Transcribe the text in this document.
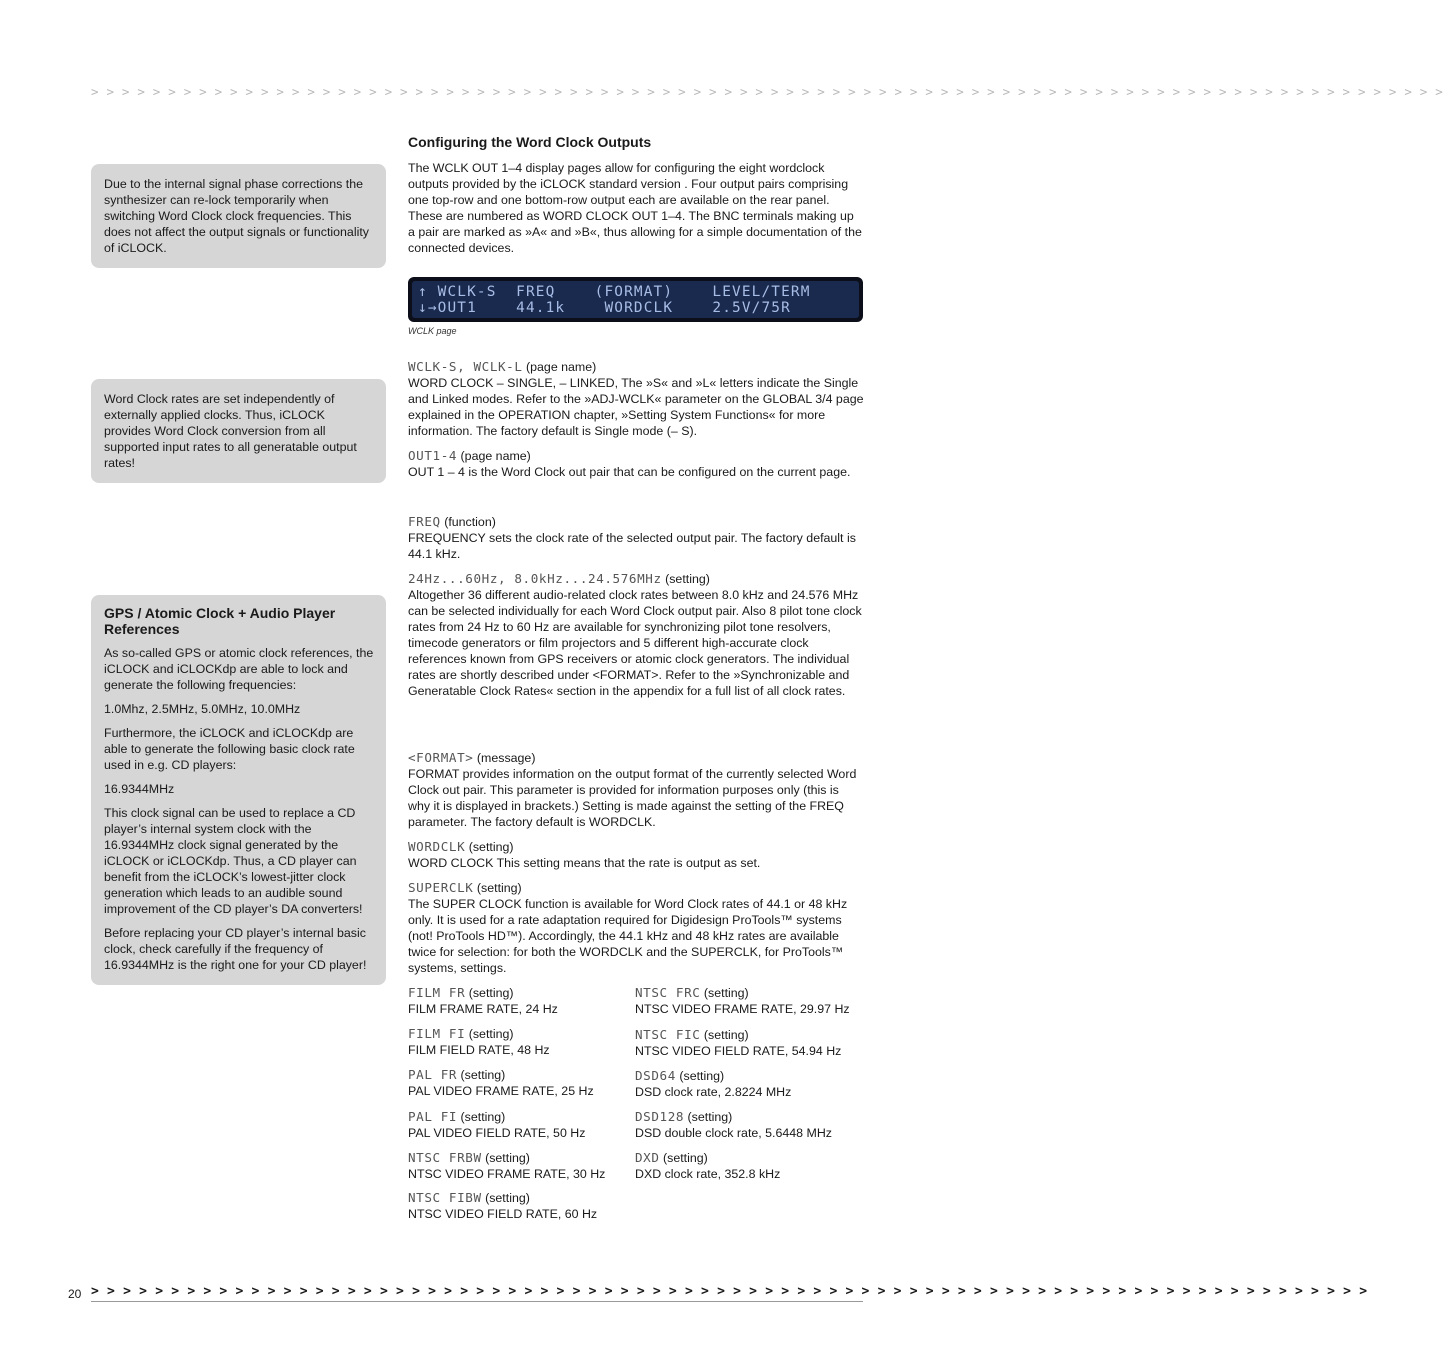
> > > > > > > > > > > > > > > > > > > > > > > > > > > > > > > > > > > > > > > > > > > > > > > > > > > > > > > > > > > > > > > > > > > > > > > > > > > > > > > > > > > > > > > >

Due to the internal signal phase corrections the synthesizer can re-lock temporarily when switching Word Clock clock frequencies. This does not affect the output signals or functionality of iCLOCK.

Word Clock rates are set independently of externally applied clocks. Thus, iCLOCK provides Word Clock conversion from all supported input rates to all generatable output rates!

GPS / Atomic Clock + Audio Player References

As so-called GPS or atomic clock references, the iCLOCK and iCLOCKdp are able to lock and generate the following frequencies:

1.0Mhz, 2.5MHz, 5.0MHz, 10.0MHz

Furthermore, the iCLOCK and iCLOCKdp are able to generate the following basic clock rate used in e.g. CD players:

16.9344MHz

This clock signal can be used to replace a CD player’s internal system clock with the 16.9344MHz clock signal generated by the iCLOCK or iCLOCKdp. Thus, a CD player can benefit from the iCLOCK’s lowest-jitter clock generation which leads to an audible sound improvement of the CD player’s DA converters!

Before replacing your CD player’s internal basic clock, check carefully if the frequency of 16.9344MHz is the right one for your CD player!

Configuring the Word Clock Outputs
The WCLK OUT 1–4 display pages allow for configuring the eight wordclock outputs provided by the iCLOCK standard version . Four output pairs comprising one top-row and one bottom-row output each are available on the rear panel. These are numbered as WORD CLOCK OUT 1–4. The BNC terminals making up a pair are marked as »A« and »B«, thus allowing for a simple documentation of the connected devices.
↑ WCLK-S  FREQ    (FORMAT)    LEVEL/TERM
↓→OUT1    44.1k    WORDCLK    2.5V/75R
WCLK page
WCLK-S, WCLK-L (page name)
WORD CLOCK – SINGLE, – LINKED, The »S« and »L« letters indicate the Single and Linked modes. Refer to the »ADJ-WCLK« parameter on the GLOBAL 3/4 page explained in the OPERATION chapter, »Setting System Functions« for more information. The factory default is Single mode (– S).
OUT1-4 (page name)
OUT 1 – 4 is the Word Clock out pair that can be configured on the current page.
FREQ (function)
FREQUENCY sets the clock rate of the selected output pair. The factory default is 44.1 kHz.
24Hz...60Hz, 8.0kHz...24.576MHz (setting)
Altogether 36 different audio-related clock rates between 8.0 kHz and 24.576 MHz can be selected individually for each Word Clock output pair. Also 8 pilot tone clock rates from 24 Hz to 60 Hz are available for synchronizing pilot tone resolvers, timecode generators or film projectors and 5 different high-accurate clock references known from GPS receivers or atomic clock generators. The individual rates are shortly described under <FORMAT>. Refer to the »Synchronizable and Generatable Clock Rates« section in the appendix for a full list of all clock rates.
<FORMAT> (message)
FORMAT provides information on the output format of the currently selected Word Clock out pair. This parameter is provided for information purposes only (this is why it is displayed in brackets.) Setting is made against the setting of the FREQ parameter. The factory default is WORDCLK.
WORDCLK (setting)
WORD CLOCK This setting means that the rate is output as set.
SUPERCLK (setting)
The SUPER CLOCK function is available for Word Clock rates of 44.1 or 48 kHz only. It is used for a rate adaptation required for Digidesign ProTools™ systems (not! ProTools HD™). Accordingly, the 44.1 kHz and 48 kHz rates are available twice for selection: for both the WORDCLK and the SUPERCLK, for ProTools™ systems, settings.
FILM FR (setting)
FILM FRAME RATE, 24 Hz
FILM FI (setting)
FILM FIELD RATE, 48 Hz
PAL FR (setting)
PAL VIDEO FRAME RATE, 25 Hz
PAL FI (setting)
PAL VIDEO FIELD RATE, 50 Hz
NTSC FRBW (setting)
NTSC VIDEO FRAME RATE, 30 Hz
NTSC FIBW (setting)
NTSC VIDEO FIELD RATE, 60 Hz
NTSC FRC (setting)
NTSC VIDEO FRAME RATE, 29.97 Hz
NTSC FIC (setting)
NTSC VIDEO FIELD RATE, 54.94 Hz
DSD64 (setting)
DSD clock rate, 2.8224 MHz
DSD128 (setting)
DSD double clock rate, 5.6448 MHz
DXD (setting)
DXD clock rate, 352.8 kHz
20 > > > > > > > > > > > > > > > > > > > > > > > > > > > > > > > > > > > > > > > > > > > > > > > > > > > > > > > > > > > > > > > > > > > > > > > > > > > > > > > >
